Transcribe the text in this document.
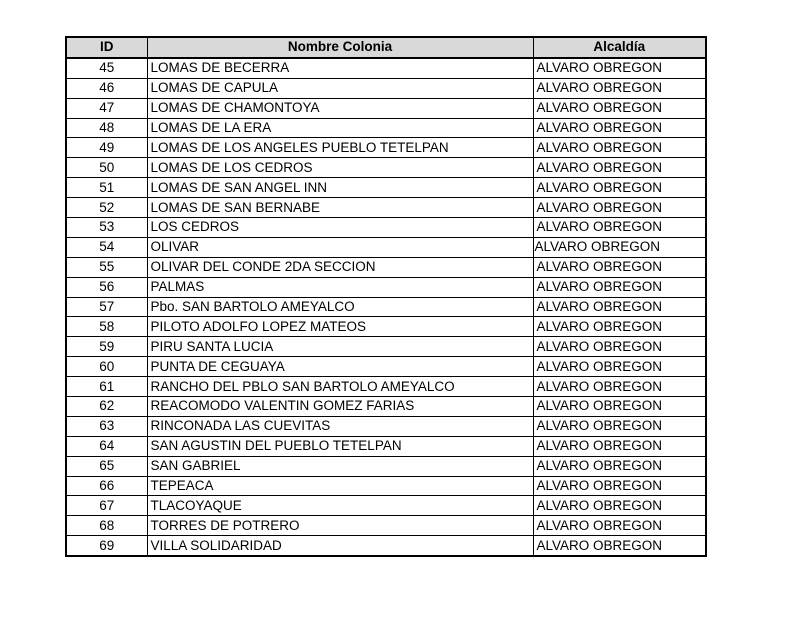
ID	Nombre Colonia	Alcaldía
45	LOMAS DE BECERRA	ALVARO OBREGON
46	LOMAS DE CAPULA	ALVARO OBREGON
47	LOMAS DE CHAMONTOYA	ALVARO OBREGON
48	LOMAS DE LA ERA	ALVARO OBREGON
49	LOMAS DE LOS ANGELES PUEBLO TETELPAN	ALVARO OBREGON
50	LOMAS DE LOS CEDROS	ALVARO OBREGON
51	LOMAS DE SAN ANGEL INN	ALVARO OBREGON
52	LOMAS DE SAN BERNABE	ALVARO OBREGON
53	LOS CEDROS	ALVARO OBREGON
54	OLIVAR	ALVARO OBREGON
55	OLIVAR DEL CONDE 2DA SECCION	ALVARO OBREGON
56	PALMAS	ALVARO OBREGON
57	Pbo. SAN BARTOLO AMEYALCO	ALVARO OBREGON
58	PILOTO ADOLFO LOPEZ MATEOS	ALVARO OBREGON
59	PIRU SANTA LUCIA	ALVARO OBREGON
60	PUNTA DE CEGUAYA	ALVARO OBREGON
61	RANCHO DEL PBLO SAN BARTOLO AMEYALCO	ALVARO OBREGON
62	REACOMODO VALENTIN GOMEZ FARIAS	ALVARO OBREGON
63	RINCONADA LAS CUEVITAS	ALVARO OBREGON
64	SAN AGUSTIN DEL PUEBLO TETELPAN	ALVARO OBREGON
65	SAN GABRIEL	ALVARO OBREGON
66	TEPEACA	ALVARO OBREGON
67	TLACOYAQUE	ALVARO OBREGON
68	TORRES DE POTRERO	ALVARO OBREGON
69	VILLA SOLIDARIDAD	ALVARO OBREGON
